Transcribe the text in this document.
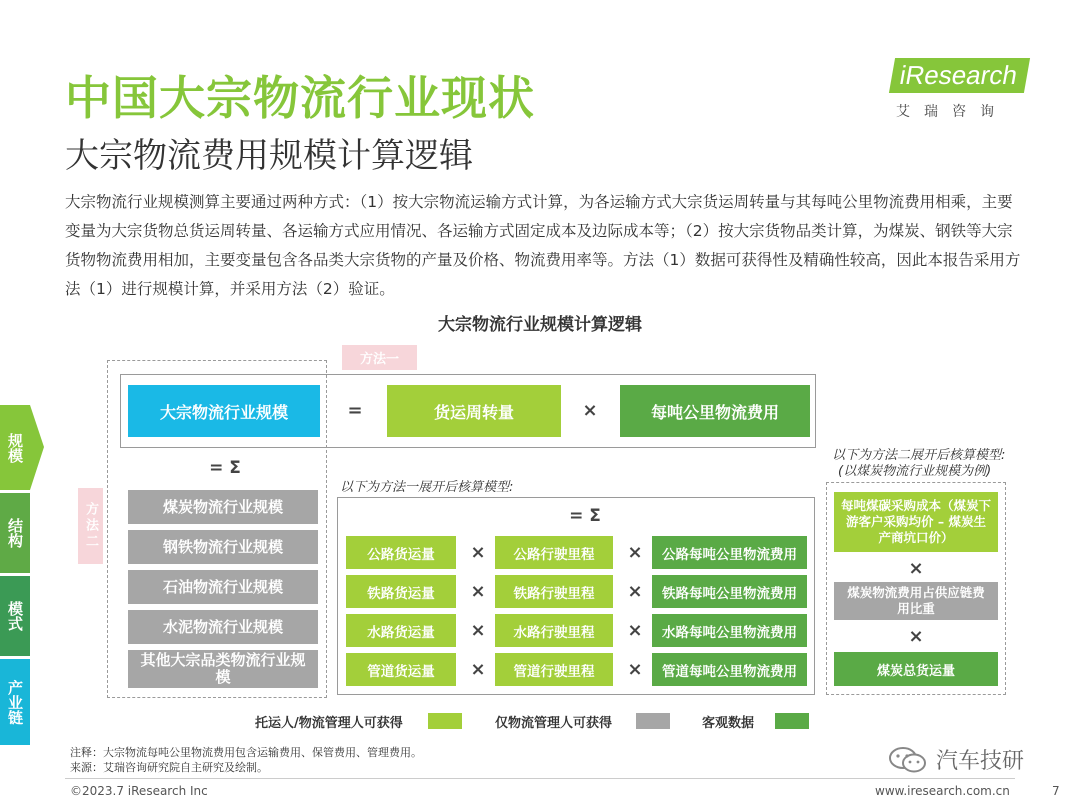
中国大宗物流行业现状
大宗物流费用规模计算逻辑
iResearch
艾瑞咨询
大宗物流行业规模测算主要通过两种方式：（1）按大宗物流运输方式计算，为各运输方式大宗货运周转量与其每吨公里物流费用相乘，主要变量为大宗货物总货运周转量、各运输方式应用情况、各运输方式固定成本及边际成本等；（2）按大宗货物品类计算，为煤炭、钢铁等大宗货物物流费用相加，主要变量包含各品类大宗货物的产量及价格、物流费用率等。方法（1）数据可获得性及精确性较高，因此本报告采用方法（1）进行规模计算，并采用方法（2）验证。
规模
结构
模式
产业链
大宗物流行业规模计算逻辑
方法一
大宗物流行业规模	=	货运周转量	×	每吨公里物流费用
方法二
= Σ
煤炭物流行业规模
钢铁物流行业规模
石油物流行业规模
水泥物流行业规模
其他大宗品类物流行业规模
以下为方法一展开后核算模型:
= Σ
公路货运量	公路行驶里程	公路每吨公里物流费用
×	×
铁路货运量	铁路行驶里程	铁路每吨公里物流费用
×	×
水路货运量	水路行驶里程	水路每吨公里物流费用
×	×
管道货运量	管道行驶里程	管道每吨公里物流费用
×	×
以下为方法二展开后核算模型:
(以煤炭物流行业规模为例)
每吨煤碳采购成本（煤炭下游客户采购均价 – 煤炭生产商坑口价）
×
煤炭物流费用占供应链费用比重
×
煤炭总货运量
托运人/物流管理人可获得	仅物流管理人可获得	客观数据
注释：大宗物流每吨公里物流费用包含运输费用、保管费用、管理费用。
来源：艾瑞咨询研究院自主研究及绘制。	汽车技研
©2023.7 iResearch Inc	www.iresearch.com.cn	7
